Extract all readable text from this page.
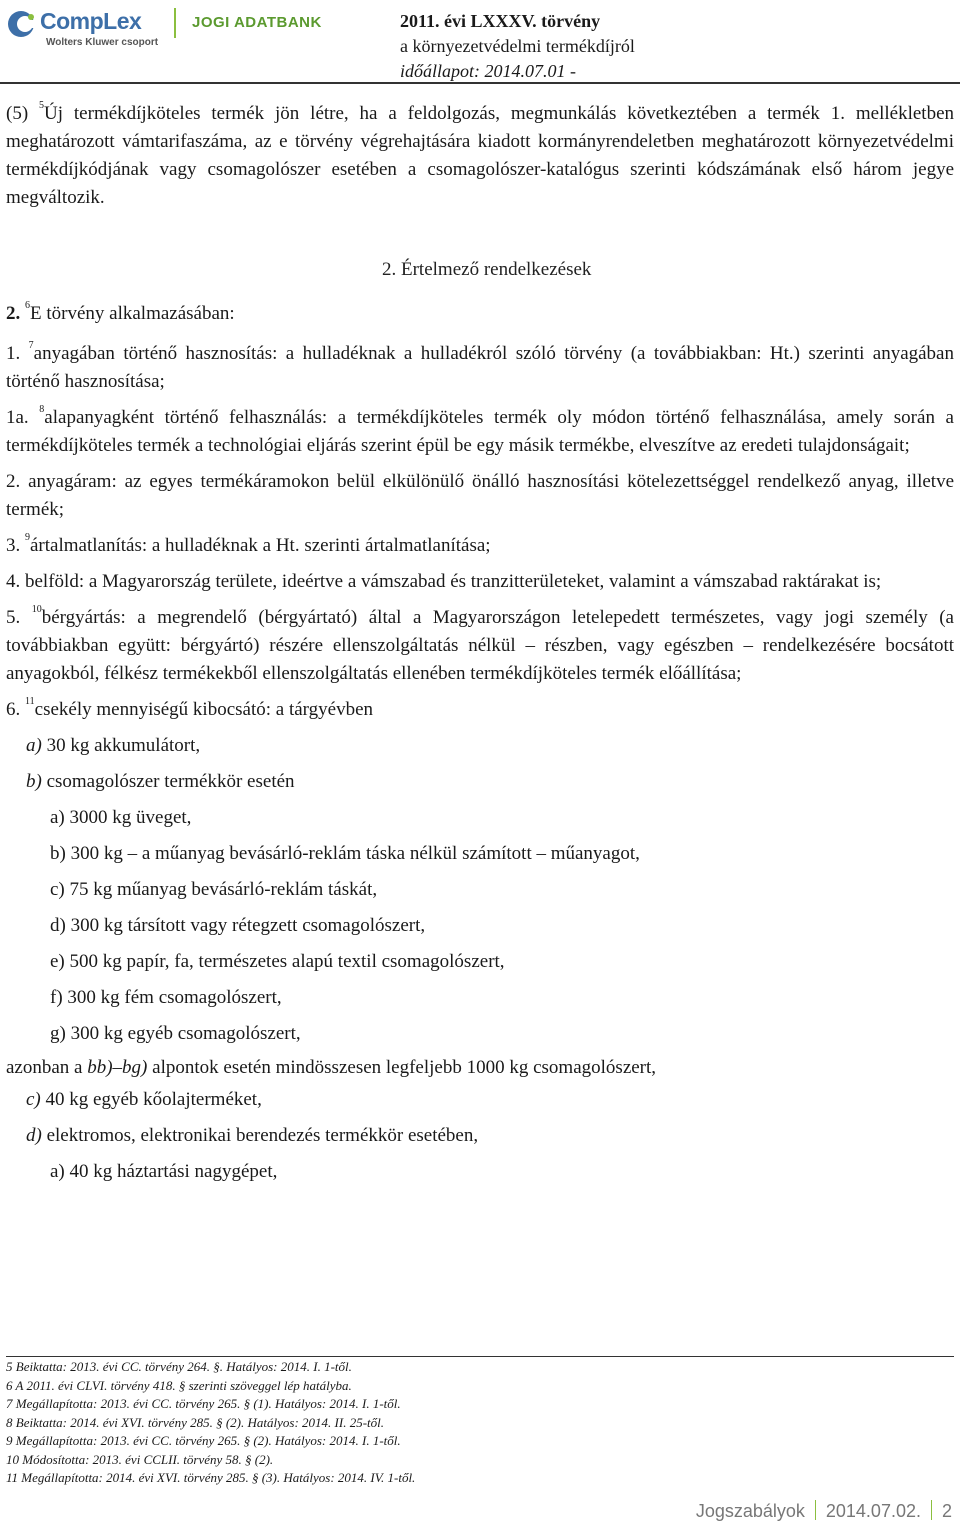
CompLex
Wolters Kluwer csoport
JOGI ADATBANK	2011. évi LXXXV. törvény
a környezetvédelmi termékdíjról
időállapot: 2014.07.01 -

(5) $^5$Új termékdíjköteles termék jön létre, ha a feldolgozás, megmunkálás következtében a termék 1. mellékletben meghatározott vámtarifaszáma, az e törvény végrehajtására kiadott kormányrendeletben meghatározott környezetvédelmi termékdíjkódjának vagy csomagolószer esetében a csomagolószer-katalógus szerinti kódszámának első három jegye megváltozik.

2. Értelmező rendelkezések

2. $^6$E törvény alkalmazásában:

1. $^7$anyagában történő hasznosítás: a hulladéknak a hulladékról szóló törvény (a továbbiakban: Ht.) szerinti anyagában történő hasznosítása;

1a. $^8$alapanyagként történő felhasználás: a termékdíjköteles termék oly módon történő felhasználása, amely során a termékdíjköteles termék a technológiai eljárás szerint épül be egy másik termékbe, elveszítve az eredeti tulajdonságait;

2. anyagáram: az egyes termékáramokon belül elkülönülő önálló hasznosítási kötelezettséggel rendelkező anyag, illetve termék;

3. $^9$ártalmatlanítás: a hulladéknak a Ht. szerinti ártalmatlanítása;

4. belföld: a Magyarország területe, ideértve a vámszabad és tranzitterületeket, valamint a vámszabad raktárakat is;

5. $^{10}$bérgyártás: a megrendelő (bérgyártató) által a Magyarországon letelepedett természetes, vagy jogi személy (a továbbiakban együtt: bérgyártó) részére ellenszolgáltatás nélkül – részben, vagy egészben – rendelkezésére bocsátott anyagokból, félkész termékekből ellenszolgáltatás ellenében termékdíjköteles termék előállítása;

6. $^{11}$csekély mennyiségű kibocsátó: a tárgyévben

a) 30 kg akkumulátort,

b) csomagolószer termékkör esetén

a) 3000 kg üveget,

b) 300 kg – a műanyag bevásárló-reklám táska nélkül számított – műanyagot,

c) 75 kg műanyag bevásárló-reklám táskát,

d) 300 kg társított vagy rétegzett csomagolószert,

e) 500 kg papír, fa, természetes alapú textil csomagolószert,

f) 300 kg fém csomagolószert,

g) 300 kg egyéb csomagolószert,

azonban a bb)–bg) alpontok esetén mindösszesen legfeljebb 1000 kg csomagolószert,

c) 40 kg egyéb kőolajterméket,

d) elektromos, elektronikai berendezés termékkör esetében,

a) 40 kg háztartási nagygépet,

5 Beiktatta: 2013. évi CC. törvény 264. §. Hatályos: 2014. I. 1-től.
6 A 2011. évi CLVI. törvény 418. § szerinti szöveggel lép hatályba.
7 Megállapította: 2013. évi CC. törvény 265. § (1). Hatályos: 2014. I. 1-től.
8 Beiktatta: 2014. évi XVI. törvény 285. § (2). Hatályos: 2014. II. 25-től.
9 Megállapította: 2013. évi CC. törvény 265. § (2). Hatályos: 2014. I. 1-től.
10 Módosította: 2013. évi CCLII. törvény 58. § (2).
11 Megállapította: 2014. évi XVI. törvény 285. § (3). Hatályos: 2014. IV. 1-től.
Jogszabályok 2014.07.02. 2
